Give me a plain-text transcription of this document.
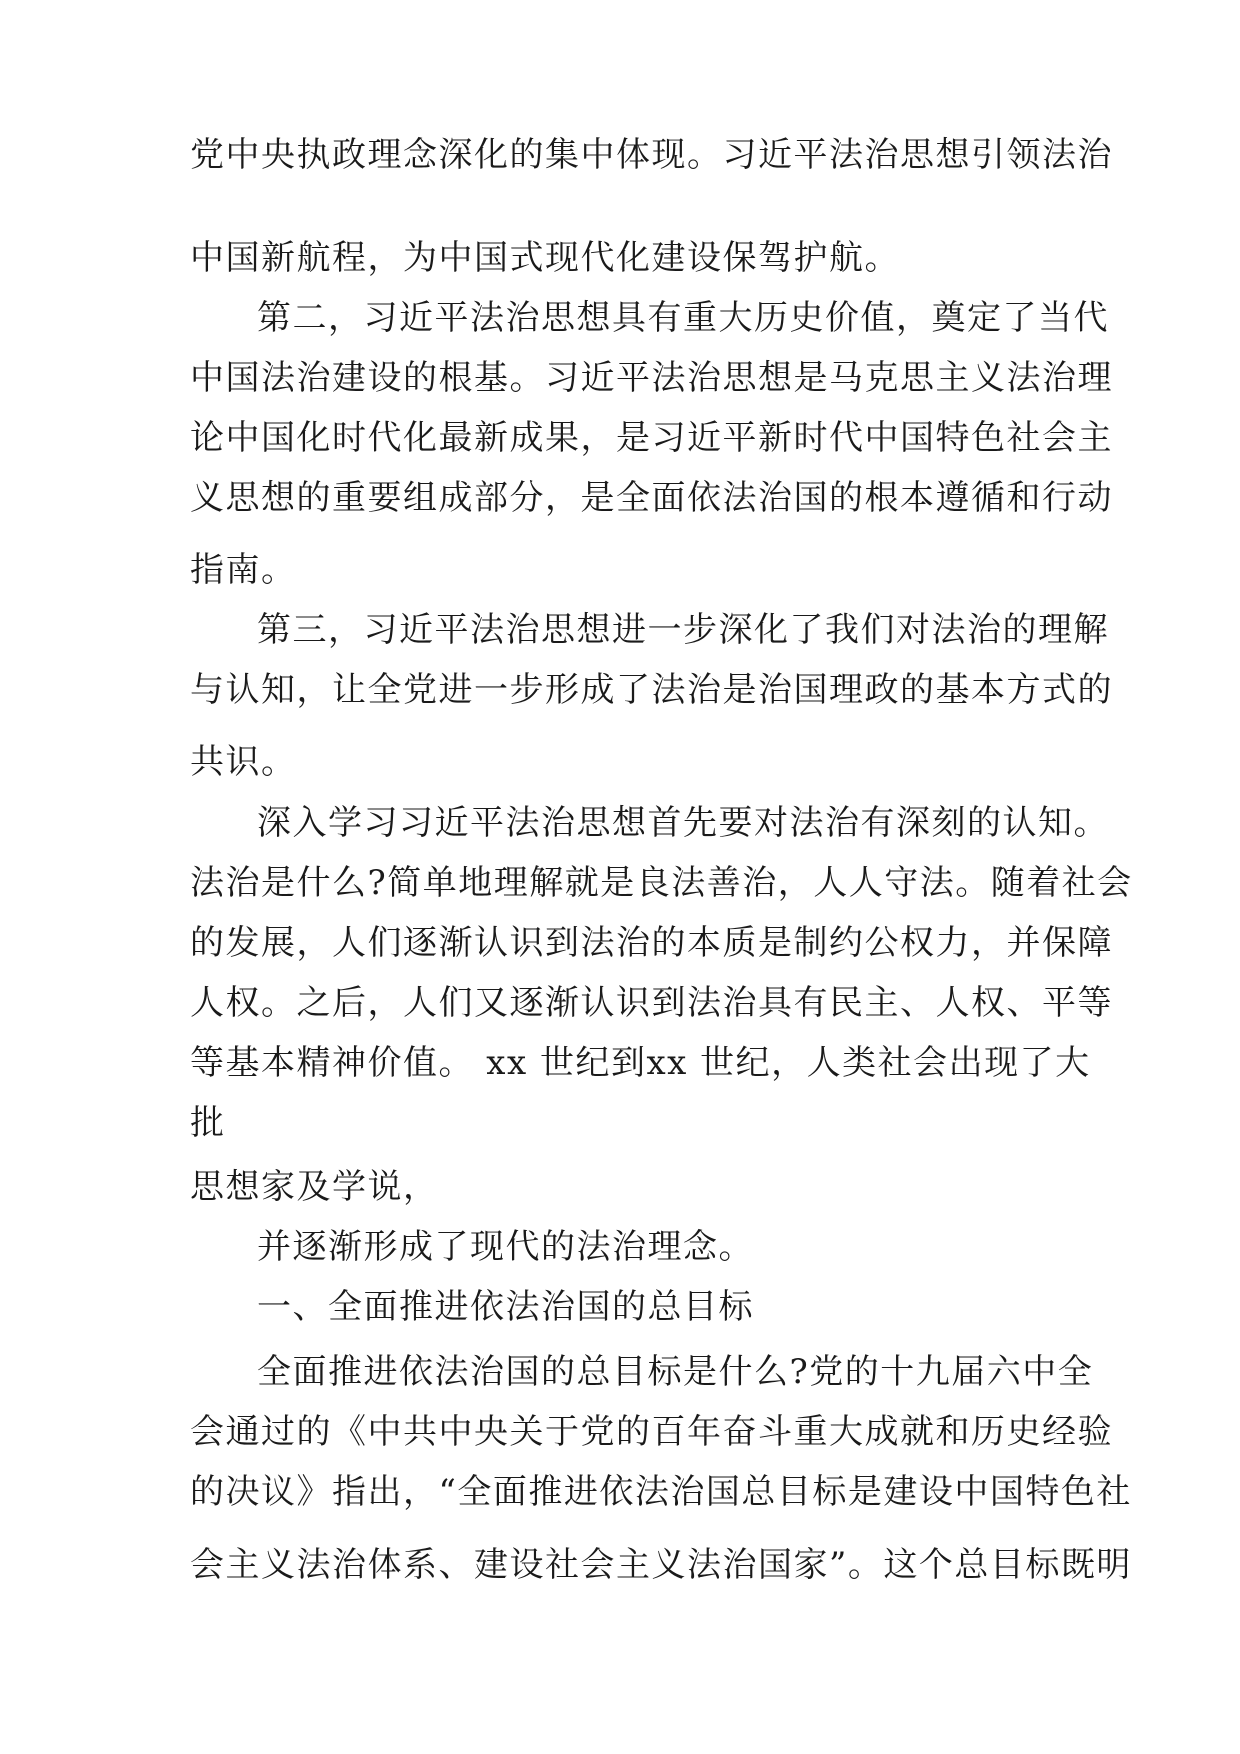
党中央执政理念深化的集中体现。习近平法治思想引领法治
中国新航程，为中国式现代化建设保驾护航。
第二，习近平法治思想具有重大历史价值，奠定了当代
中国法治建设的根基。习近平法治思想是马克思主义法治理
论中国化时代化最新成果，是习近平新时代中国特色社会主
义思想的重要组成部分，是全面依法治国的根本遵循和行动
指南。
第三，习近平法治思想进一步深化了我们对法治的理解
与认知，让全党进一步形成了法治是治国理政的基本方式的
共识。
深入学习习近平法治思想首先要对法治有深刻的认知。
法治是什么?简单地理解就是良法善治，人人守法。随着社会
的发展，人们逐渐认识到法治的本质是制约公权力，并保障
人权。之后，人们又逐渐认识到法治具有民主、人权、平等
等基本精神价值。 xx 世纪到xx 世纪，人类社会出现了大
批
思想家及学说，
并逐渐形成了现代的法治理念。
一、全面推进依法治国的总目标
全面推进依法治国的总目标是什么?党的十九届六中全
会通过的《中共中央关于党的百年奋斗重大成就和历史经验
的决议》指出，“全面推进依法治国总目标是建设中国特色社
会主义法治体系、建设社会主义法治国家”。这个总目标既明
